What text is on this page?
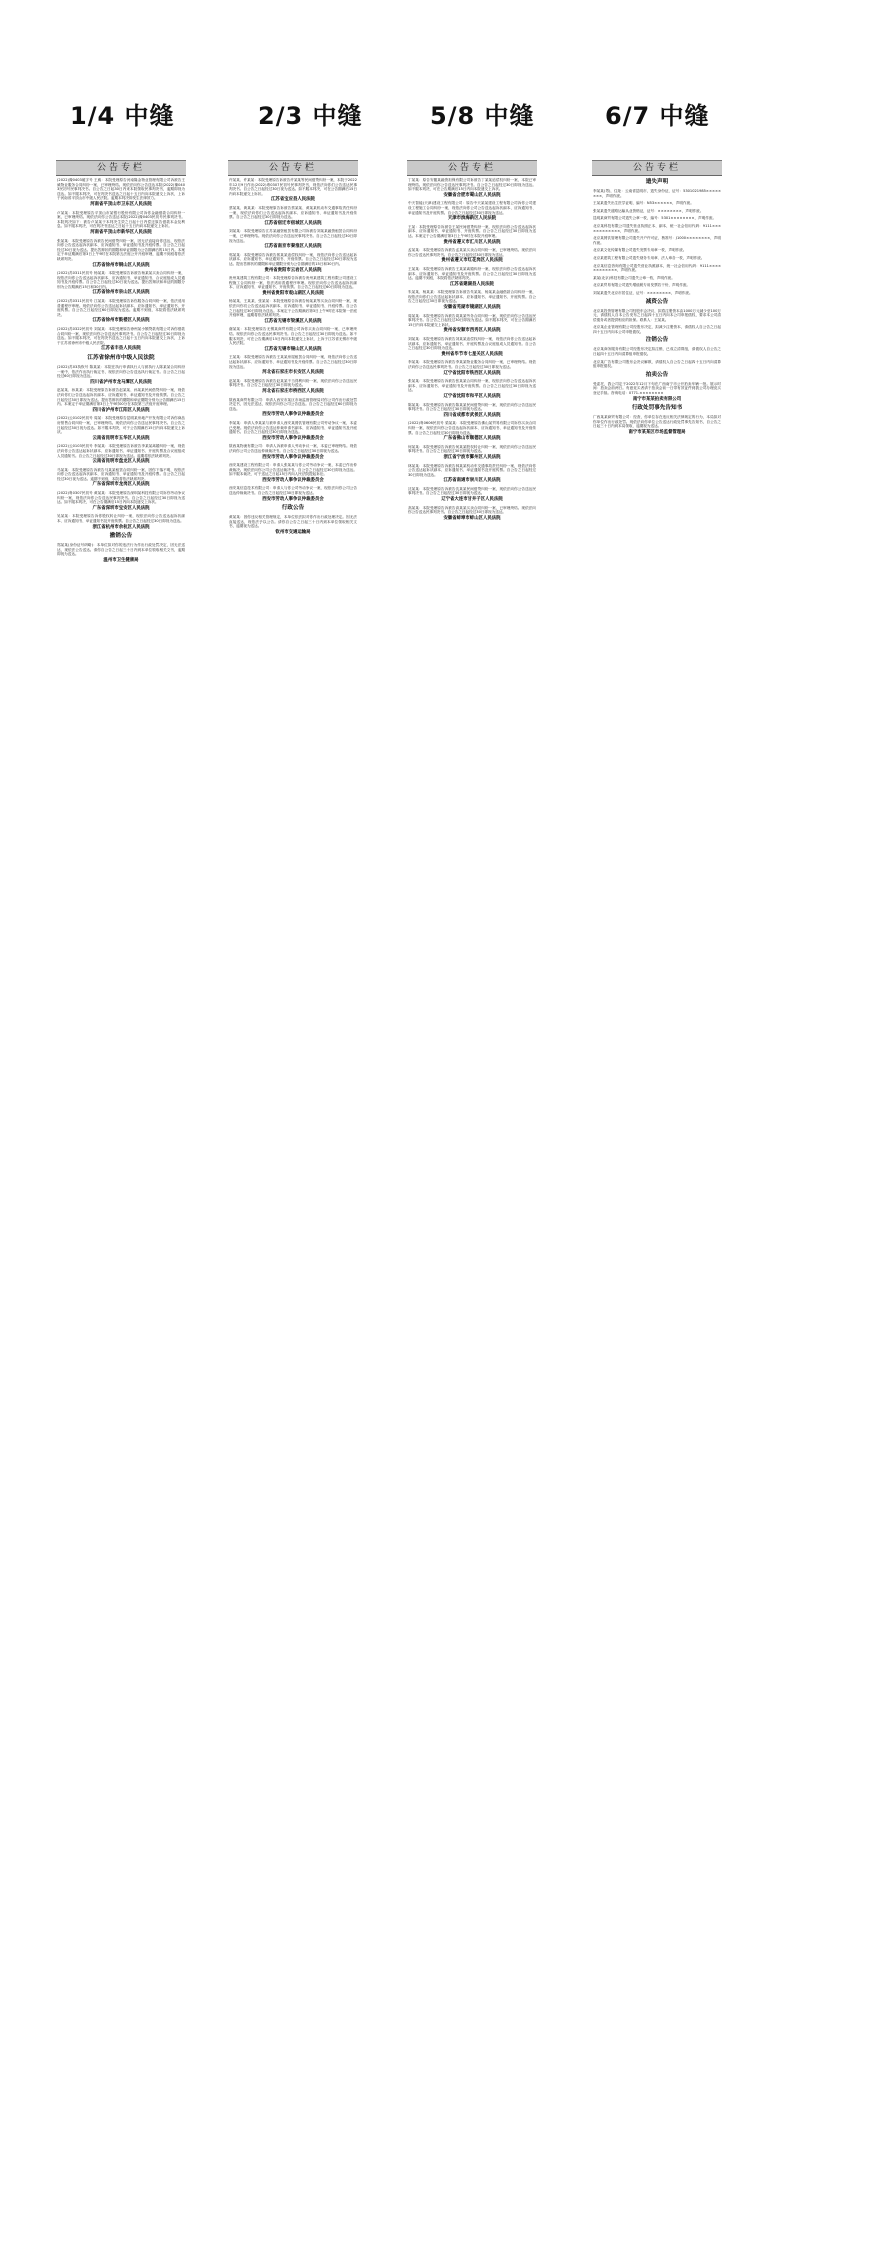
1/4 中缝	2/3 中缝	5/8 中缝	6/7 中缝
公告专栏
(2022)豫0403破字号 王威：本院受理原告河南隆金物业管理有限公司诉被告王威物业服务合同纠纷一案，已审理终结。现依法向你公告送达本院(2022)豫0403民初号民事判决书。自公告之日起30日内来本院领取民事判决书，逾期即视为送达。如不服本判决，可在判决书送达之日起十五日内向本院递交上诉状，上诉于河南省平顶山市中级人民法院。逾期本判决即发生法律效力。
河南省平顶山市卫东区人民法院
卢某某：本院受理原告平顶山市某银行股份有限公司诉你金融借款合同纠纷一案，已审理终结。现依法向你公告送达本院(2022)豫0403民初号民事判决书。本院判决如下：被告卢某某于本判决生效之日起十日内偿还原告借款本金及利息。如不服本判决，可在判决书送达之日起十五日内向本院递交上诉状。
河南省平顶山市新华区人民法院
张某某：本院受理原告诉被告民间借贷纠纷一案，因无法直接向你送达，现依法向你公告送达起诉状副本、应诉通知书、举证通知书及开庭传票。自公告之日起经过30日视为送达。提出答辩状的期限和举证期限为公告期满后的15日内。本案定于举证期满后第3日上午9时在本院第五法庭公开开庭审理，逾期不到庭将依法缺席判决。
江苏省徐州市铜山区人民法院
(2022)苏0311民初号 杨某某：本院受理原告诉被告杨某某买卖合同纠纷一案，现依法向你公告送达起诉状副本、应诉通知书、举证通知书、合议庭组成人员通知书及开庭传票。自公告之日起经过30日视为送达。提出答辩状和举证的期限分别为公告期满后15日和30日内。
江苏省徐州市泉山区人民法院
(2022)苏0311民初号 江某某：本院受理原告诉你服务合同纠纷一案，依法适用普通程序审理。现依法向你公告送达起诉状副本、应诉通知书、举证通知书、开庭传票。自公告之日起经过60日即视为送达。逾期不到庭，本院将依法缺席判决。
江苏省徐州市鼓楼区人民法院
(2022)苏0322民初号 刘某某：本院受理原告徐州某小额贷款有限公司诉你借款合同纠纷一案，现依法向你公告送达民事判决书。自公告之日起经过30日即视为送达。如不服本判决，可在判决书送达之日起十五日内向本院递交上诉状，上诉于江苏省徐州市中级人民法院。
江苏省丰县人民法院
江苏省徐州市中级人民法院
(2022)苏03执恢号 陈某某：本院在执行申请执行人与被执行人陈某某合同纠纷一案中，依法作出执行裁定书，现依法向你公告送达执行裁定书。自公告之日起经过60日即视为送达。
四川省泸州市龙马潭区人民法院
赵某某、孙某某：本院受理原告诉被告赵某某、孙某某民间借贷纠纷一案，现依法向你们公告送达起诉状副本、应诉通知书、举证通知书及开庭传票。自公告之日起经过30日即视为送达。提出答辩状的期限和举证期限分别为公告期满后15日内。本案定于举证期满后第3日上午9时00分在本院第三法庭开庭审理。
四川省泸州市江阳区人民法院
(2022)云0102民初号 周某：本院受理原告昆明某房地产开发有限公司诉你商品房预售合同纠纷一案，已审理终结。现依法向你公告送达民事判决书。自公告之日起经过30日视为送达。如不服本判决，可于公告期满后15日内向本院递交上诉状。
云南省昆明市五华区人民法院
(2022)云0103民初号 李某某：本院受理原告诉被告李某某离婚纠纷一案，现依法向你公告送达起诉状副本、应诉通知书、举证通知书、开庭传票及合议庭组成人员通知书。自公告之日起经过30日即视为送达。逾期将依法缺席判决。
云南省昆明市盘龙区人民法院
马某某：本院受理原告诉被告马某某租赁合同纠纷一案，因你下落不明，现依法向你公告送达起诉状副本、应诉通知书、举证通知书及开庭传票。自公告之日起经过30日视为送达。逾期不到庭，本院将依法缺席判决。
广东省深圳市龙岗区人民法院
(2022)粤0307民初号 黄某某：本院受理原告深圳某科技有限公司诉你劳动争议纠纷一案，现依法向你公告送达民事判决书。自公告之日起经过30日即视为送达。如不服本判决，可在公告期满后15日内向本院递交上诉状。
广东省深圳市宝安区人民法院
吴某某：本院受理原告诉你股权转让纠纷一案，现依法向你公告送达起诉状副本、应诉通知书、举证通知书及开庭传票。自公告之日起经过30日即视为送达。
浙江省杭州市余杭区人民法院
撤销公告
郑某某(身份证号码略)：本单位拟对你的违法行为作出行政处罚决定，因无法送达，现依法公告送达。请你自公告之日起三十日内到本单位领取相关文书，逾期即视为送达。
温州市卫生健康局
公告专栏
许某某、许某某：本院受理原告诉被告许某某等民间借贷纠纷一案，本院于2022年12月9日作出(2022)粤0307民初号民事判决书，现依法向你们公告送达民事判决书。自公告之日起经过30日视为送达。如不服本判决，可在公告期满后15日内向本院递交上诉状。
江苏省宝应县人民法院
蔡某某、黄某某：本院受理原告诉被告蔡某某、黄某某机动车交通事故责任纠纷一案，现依法向你们公告送达起诉状副本、应诉通知书、举证通知书及开庭传票。自公告之日起经过30日即视为送达。
江苏省宿迁市宿城区人民法院
刘某某：本院受理原告江苏某融资租赁有限公司诉被告刘某某融资租赁合同纠纷一案，已审理终结。现依法向你公告送达民事判决书。自公告之日起经过30日即视为送达。
江苏省南京市秦淮区人民法院
郭某某：本院受理原告诉被告郭某某追偿权纠纷一案，现依法向你公告送达起诉状副本、应诉通知书、举证通知书、开庭传票。自公告之日起经过30日即视为送达。提出答辩状的期限和举证期限分别为公告期满后的15日和30日内。
贵州省贵阳市云岩区人民法院
贵州某建筑工程有限公司：本院受理原告诉被告贵州某建筑工程有限公司建设工程施工合同纠纷一案，依法适用普通程序审理。现依法向你公告送达起诉状副本、应诉通知书、举证通知书、开庭传票。自公告之日起经过60日即视为送达。
贵州省贵阳市观山湖区人民法院
杨某某、王某某、张某某：本院受理原告诉被告杨某某等买卖合同纠纷一案，现依法向你们公告送达起诉状副本、应诉通知书、举证通知书、开庭传票。自公告之日起经过30日即视为送达。本案定于公告期满后第3日上午9时在本院第一法庭开庭审理，逾期将依法缺席判决。
江苏省无锡市梁溪区人民法院
谢某某：本院受理原告无锡某商贸有限公司诉你买卖合同纠纷一案，已审理终结。现依法向你公告送达民事判决书。自公告之日起经过30日即视为送达。如不服本判决，可在公告期满后15日内向本院递交上诉状，上诉于江苏省无锡市中级人民法院。
江苏省无锡市锡山区人民法院
王某某：本院受理原告诉被告王某某房屋租赁合同纠纷一案，现依法向你公告送达起诉状副本、应诉通知书、举证通知书及开庭传票。自公告之日起经过30日即视为送达。
河北省石家庄市长安区人民法院
赵某某：本院受理原告诉被告赵某某不当得利纠纷一案，现依法向你公告送达民事判决书。自公告之日起经过30日即视为送达。
河北省石家庄市桥西区人民法院
陕西某商贸有限公司：申请人西安市某区市场监督管理局对你公司作出行政处罚决定书，因无法送达，现依法向你公司公告送达。自公告之日起经过60日即视为送达。
西安市劳动人事争议仲裁委员会
李某某：申请人李某某与被申请人西安某餐饮管理有限公司劳动争议一案，本委已受理。现依法向你公告送达仲裁申请书副本、应诉通知书、举证通知书及开庭通知书。自公告之日起经过30日即视为送达。
西安市劳动人事争议仲裁委员会
陕西某物流有限公司：申请人诉被申请人劳动争议一案，本委已审理终结。现依法向你公司公告送达仲裁裁决书。自公告之日起经过30日即视为送达。
西安市劳动人事争议仲裁委员会
西安某建设工程有限公司：申请人张某某与你公司劳动争议一案，本委已作出仲裁裁决。现依法向你公司公告送达裁决书。自公告之日起经过30日即视为送达。如不服本裁决，可于送达之日起15日内向人民法院提起诉讼。
西安市劳动人事争议仲裁委员会
西安某信息技术有限公司：申请人与你公司劳动争议一案，现依法向你公司公告送达仲裁裁决书。自公告之日起经过30日即视为送达。
西安市劳动人事争议仲裁委员会
行政公告
黄某某：因你违反相关管理规定，本单位依法拟对你作出行政处理决定。因无法直接送达，现依法予以公告。请你自公告之日起三十日内到本单位领取相关文书，逾期视为送达。
钦州市交通运输局
公告专栏
丁某某：原告安徽某融资担保有限公司诉被告丁某某追偿权纠纷一案，本院已审理终结。现依法向你公告送达民事判决书。自公告之日起经过30日即视为送达。如不服本判决，可在公告期满后15日内向本院递交上诉状。
安徽省合肥市蜀山区人民法院
中天智能(天津)建设工程有限公司：原告中天某某建设工程有限公司诉你公司建设工程施工合同纠纷一案，现依法向你公司公告送达起诉状副本、应诉通知书、举证通知书及开庭传票。自公告之日起经过30日即视为送达。
天津市滨海新区人民法院
王某：本院受理原告诉被告王某民间借贷纠纷一案，现依法向你公告送达起诉状副本、应诉通知书、举证通知书、开庭传票。自公告之日起经过30日即视为送达。本案定于公告期满后第3日上午9时在本院开庭审理。
贵州省遵义市汇川区人民法院
孟某某：本院受理原告诉被告孟某某买卖合同纠纷一案，已审理终结。现依法向你公告送达民事判决书。自公告之日起经过30日即视为送达。
贵州省遵义市红花岗区人民法院
王某某：本院受理原告诉被告王某某离婚纠纷一案，现依法向你公告送达起诉状副本、应诉通知书、举证通知书及开庭传票。自公告之日起经过30日即视为送达。逾期不到庭，本院将依法缺席判决。
江苏省建湖县人民法院
朱某某、杨某某：本院受理原告诉被告朱某某、杨某某金融借款合同纠纷一案，现依法向你们公告送达起诉状副本、应诉通知书、举证通知书、开庭传票。自公告之日起经过30日即视为送达。
安徽省芜湖市镜湖区人民法院
周某某：本院受理原告诉被告周某某劳务合同纠纷一案，现依法向你公告送达民事判决书。自公告之日起经过30日即视为送达。如不服本判决，可在公告期满后15日内向本院递交上诉状。
贵州省安顺市西秀区人民法院
刘某某：本院受理原告诉被告刘某某追偿权纠纷一案，现依法向你公告送达起诉状副本、应诉通知书、举证通知书、开庭传票及合议庭组成人员通知书。自公告之日起经过30日即视为送达。
贵州省毕节市七星关区人民法院
李某某：本院受理原告诉被告李某某物业服务合同纠纷一案，已审理终结。现依法向你公告送达民事判决书。自公告之日起经过30日即视为送达。
辽宁省沈阳市铁西区人民法院
张某某：本院受理原告诉被告张某某合同纠纷一案，现依法向你公告送达起诉状副本、应诉通知书、举证通知书及开庭传票。自公告之日起经过30日即视为送达。
辽宁省沈阳市和平区人民法院
陈某某：本院受理原告诉被告陈某某民间借贷纠纷一案，现依法向你公告送达民事判决书。自公告之日起经过30日即视为送达。
四川省成都市武侯区人民法院
(2022)粤0606民初号 梁某某：本院受理原告佛山某贸易有限公司诉你买卖合同纠纷一案，现依法向你公告送达起诉状副本、应诉通知书、举证通知书及开庭传票。自公告之日起经过30日即视为送达。
广东省佛山市顺德区人民法院
何某某：本院受理原告诉被告何某某股权转让纠纷一案，现依法向你公告送达民事判决书。自公告之日起经过30日即视为送达。
浙江省宁波市鄞州区人民法院
林某某：本院受理原告诉被告林某某机动车交通事故责任纠纷一案，现依法向你公告送达起诉状副本、应诉通知书、举证通知书及开庭传票。自公告之日起经过30日即视为送达。
江苏省南通市崇川区人民法院
沈某某：本院受理原告诉被告沈某某民间借贷纠纷一案，现依法向你公告送达民事判决书。自公告之日起经过30日即视为送达。
辽宁省大连市甘井子区人民法院
高某某：本院受理原告诉被告高某某买卖合同纠纷一案，已审理终结。现依法向你公告送达民事判决书。自公告之日起经过30日即视为送达。
安徽省蚌埠市蚌山区人民法院
公告专栏
遗失声明
李某某(男)，住址：云南省昆明市，遗失身份证，证号：5301021985××××××××，声明作废。
王某某遗失出生医学证明，编号：N53××××××，声明作废。
张某某遗失道路运输从业资格证，证号：××××××××，声明作废。
昆明某商贸有限公司遗失公章一枚，编号：5301××××××××，声明作废。
北京某科技有限公司遗失营业执照正本、副本，统一社会信用代码：9111××××××××××××，声明作废。
北京某餐饮管理有限公司遗失开户许可证，核准号：J1000××××××××，声明作废。
北京某文化传媒有限公司遗失发票专用章一枚，声明作废。
北京某建筑工程有限公司遗失财务专用章、法人章各一枚，声明作废。
北京某信息咨询有限公司遗失营业执照副本，统一社会信用代码：9111××××××××××××，声明作废。
某某(北京)科技有限公司遗失公章一枚，声明作废。
北京某贸易有限公司遗失增值税专用发票若干份，声明作废。
刘某某遗失北京市居住证，证号：××××××××，声明作废。
减资公告
北京某投资管理有限公司经股东会决议，拟将注册资本由1000万元减少至100万元，请债权人自本公告发布之日起四十五日内向本公司申报债权，要求本公司清偿债务或者提供相应的担保。联系人：王某某。
北京某企业管理有限公司经股东决定，拟减少注册资本，请债权人自公告之日起四十五日内向本公司申报债权。
注销公告
北京某商务服务有限公司经股东决定拟注销，已成立清算组，请债权人自公告之日起四十五日内向清算组申报债权。
北京某广告有限公司股东会决议解散，请债权人自公告之日起四十五日内向清算组申报债权。
拍卖公告
受委托，我公司定于2022年12月下旬在广西南宁市公开拍卖车辆一批。展示时间：拍卖会前两日。有意竞买者请于拍卖会前一日带有效证件到我公司办理竞买登记手续。咨询电话：0771-××××××××
南宁市某某拍卖有限公司
行政处罚事先告知书
广西某某商贸有限公司：经查，你单位存在违反相关法律规定的行为，本局拟对你单位作出行政处罚。现依法向你单位公告送达行政处罚事先告知书，自公告之日起三十日内到本局领取，逾期视为送达。
南宁市某某区市场监督管理局
